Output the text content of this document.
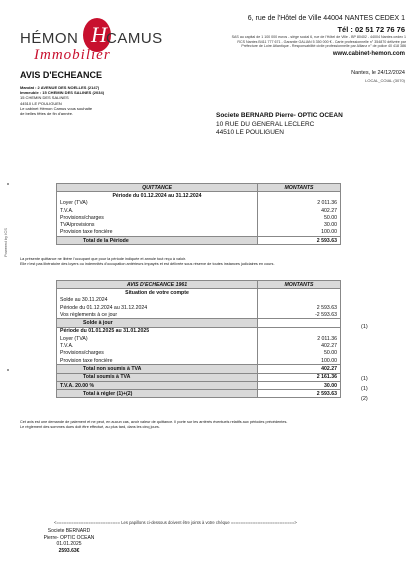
HÉMON H CAMUS
Immobilier
6, rue de l'Hôtel de Ville 44004 NANTES CEDEX 1
Tél : 02 51 72 76 76
SAS au capital de 1 100 000 euros - siège social 6, rue de l'Hôtel de Ville - BP 80402 - 44004 Nantes cedex 1
RCS Nantes B411 777 671 - Garantie GALIAN 5 350 000 € - Carte professionnelle n° 354870 délivrée par
Préfecture de Loire Atlantique - Responsabilité civile professionnelle par Allianz n° de police 40 418 386
www.cabinet-hemon.com
AVIS D'ECHEANCE	Nantes, le 24/12/2024
LOCAL_COIAL (3070)
Mandat : 2 AVENUE DES NOELLES (2147)
Immeuble : 15 CHEMIN DES SALINES (2034)
15 CHEMIN DES SALINES
44510 LE POULIGUEN
Le cabinet Hémon Camus vous souhaite
de belles fêtes de fin d'année.	Societe BERNARD Pierre- OPTIC OCEAN
10 RUE DU GENERAL LECLERC
44510 LE POULIGUEN
Powered by ICS
QUITTANCE	MONTANTS
Période du 01.12.2024 au 31.12.2024	
Loyer (TVA)	2 011.36
T.V.A.	402.27
Provisions/charges	50.00
TVA/provisions	30.00
Provision taxe foncière	100.00
Total de la Période	2 593.63
La présente quittance ne libère l'occupant que pour la période indiquée et annule tout reçu à valoir.
Elle n'est pas libératoire des loyers ou indemnités d'occupation antérieurs impayés et est délivrée sous réserve de toutes instances judiciaires en cours.
AVIS D'ECHEANCE 1961	MONTANTS
Situation de votre compte	
Solde au 30.11.2024	
Période du 01.12.2024 au 31.12.2024	2 593.63
Vos règlements à ce jour	-2 593.63
Solde à jour	
Période du 01.01.2025 au 31.01.2025	
Loyer (TVA)	2 011.36
T.V.A.	402.27
Provisions/charges	50.00
Provision taxe foncière	100.00
Total non soumis à TVA	402.27
Total soumis à TVA	2 161.36
T.V.A. 20.00 %	30.00
Total à régler (1)+(2)	2 593.63
(1)
(1)
(1)
(2)
Cet avis est une demande de paiement et ne peut, en aucun cas, avoir valeur de quittance. Il porte sur les arriérés éventuels relatifs aux périodes précédentes.
Le règlement des sommes dues doit être effectué, au plus tard, dans les cinq jours.
<========================== Les papillons ci-dessous doivent être joints à votre chèque ==========================>
Societe BERNARD
Pierre- OPTIC OCEAN
01.01.2025
2593.63€
